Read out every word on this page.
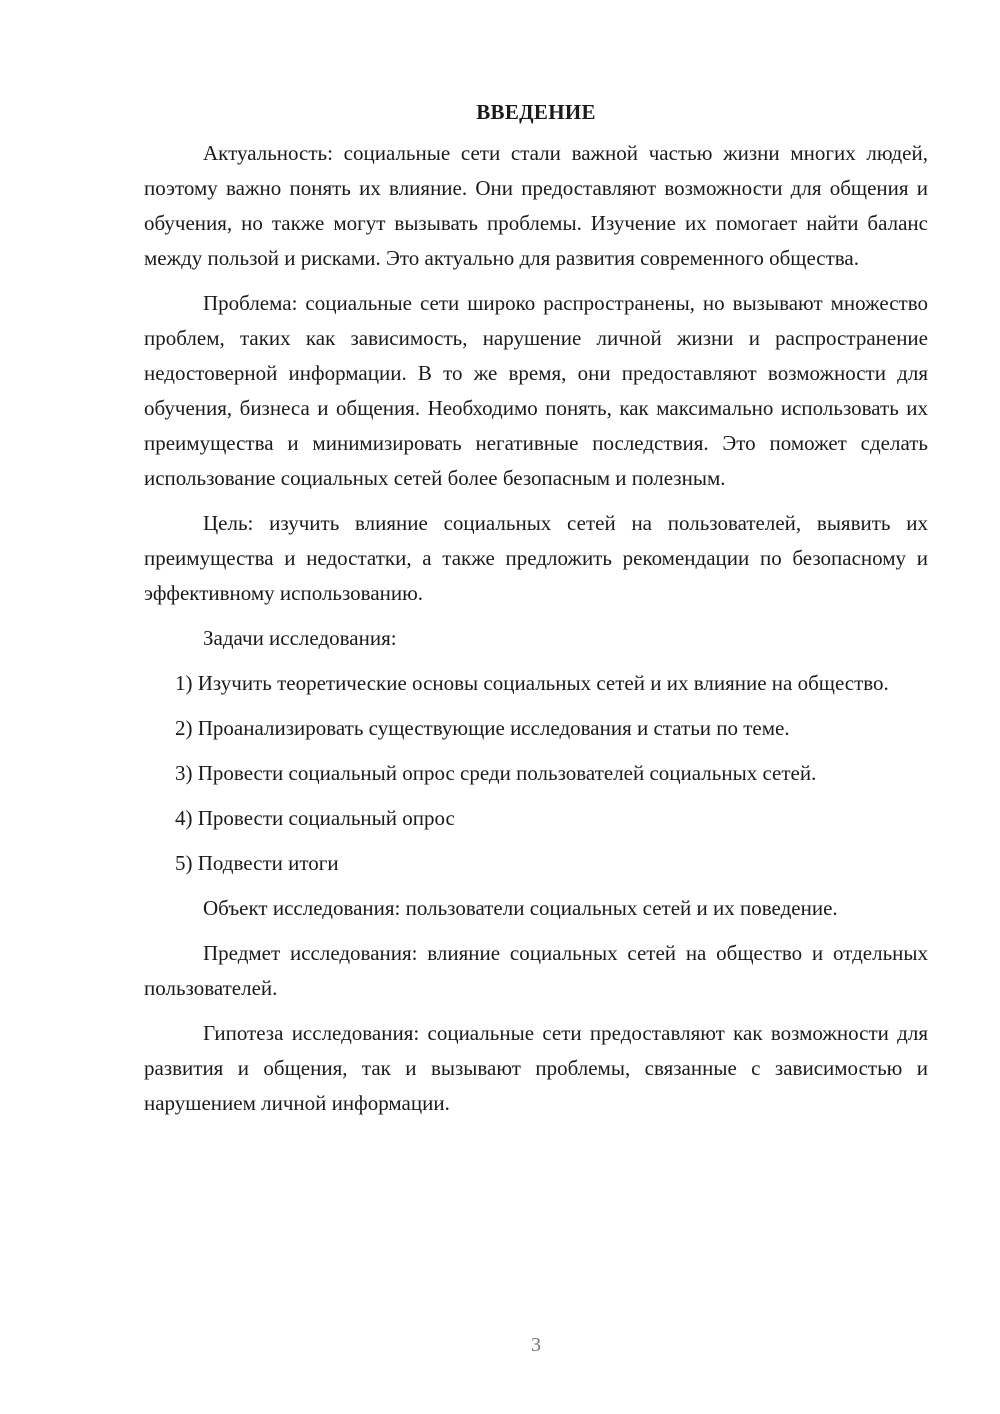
ВВЕДЕНИЕ

Актуальность: социальные сети стали важной частью жизни многих людей, поэтому важно понять их влияние. Они предоставляют возможности для общения и обучения, но также могут вызывать проблемы. Изучение их помогает найти баланс между пользой и рисками. Это актуально для развития современного общества.

Проблема: социальные сети широко распространены, но вызывают множество проблем, таких как зависимость, нарушение личной жизни и распространение недостоверной информации. В то же время, они предоставляют возможности для обучения, бизнеса и общения. Необходимо понять, как максимально использовать их преимущества и минимизировать негативные последствия. Это поможет сделать использование социальных сетей более безопасным и полезным.

Цель: изучить влияние социальных сетей на пользователей, выявить их преимущества и недостатки, а также предложить рекомендации по безопасному и эффективному использованию.

Задачи исследования:

1) Изучить теоретические основы социальных сетей и их влияние на общество.

2) Проанализировать существующие исследования и статьи по теме.

3) Провести социальный опрос среди пользователей социальных сетей.

4) Провести социальный опрос

5) Подвести итоги

Объект исследования: пользователи социальных сетей и их поведение.

Предмет исследования: влияние социальных сетей на общество и отдельных пользователей.

Гипотеза исследования: социальные сети предоставляют как возможности для развития и общения, так и вызывают проблемы, связанные с зависимостью и нарушением личной информации.

3
